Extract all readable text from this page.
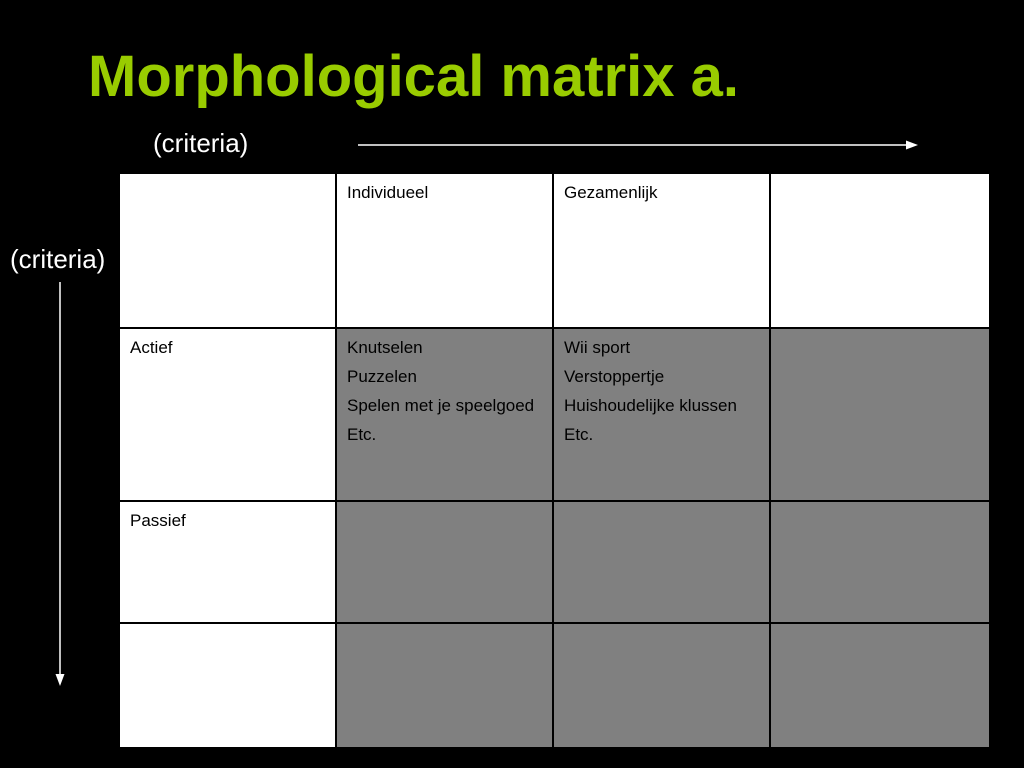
Morphological matrix a.
(criteria)
(criteria)
Individueel	Gezamenlijk
Actief	Knutselen
Puzzelen
Spelen met je speelgoed
Etc.
Wii sport
Verstoppertje
Huishoudelijke klussen
Etc.
Passief
